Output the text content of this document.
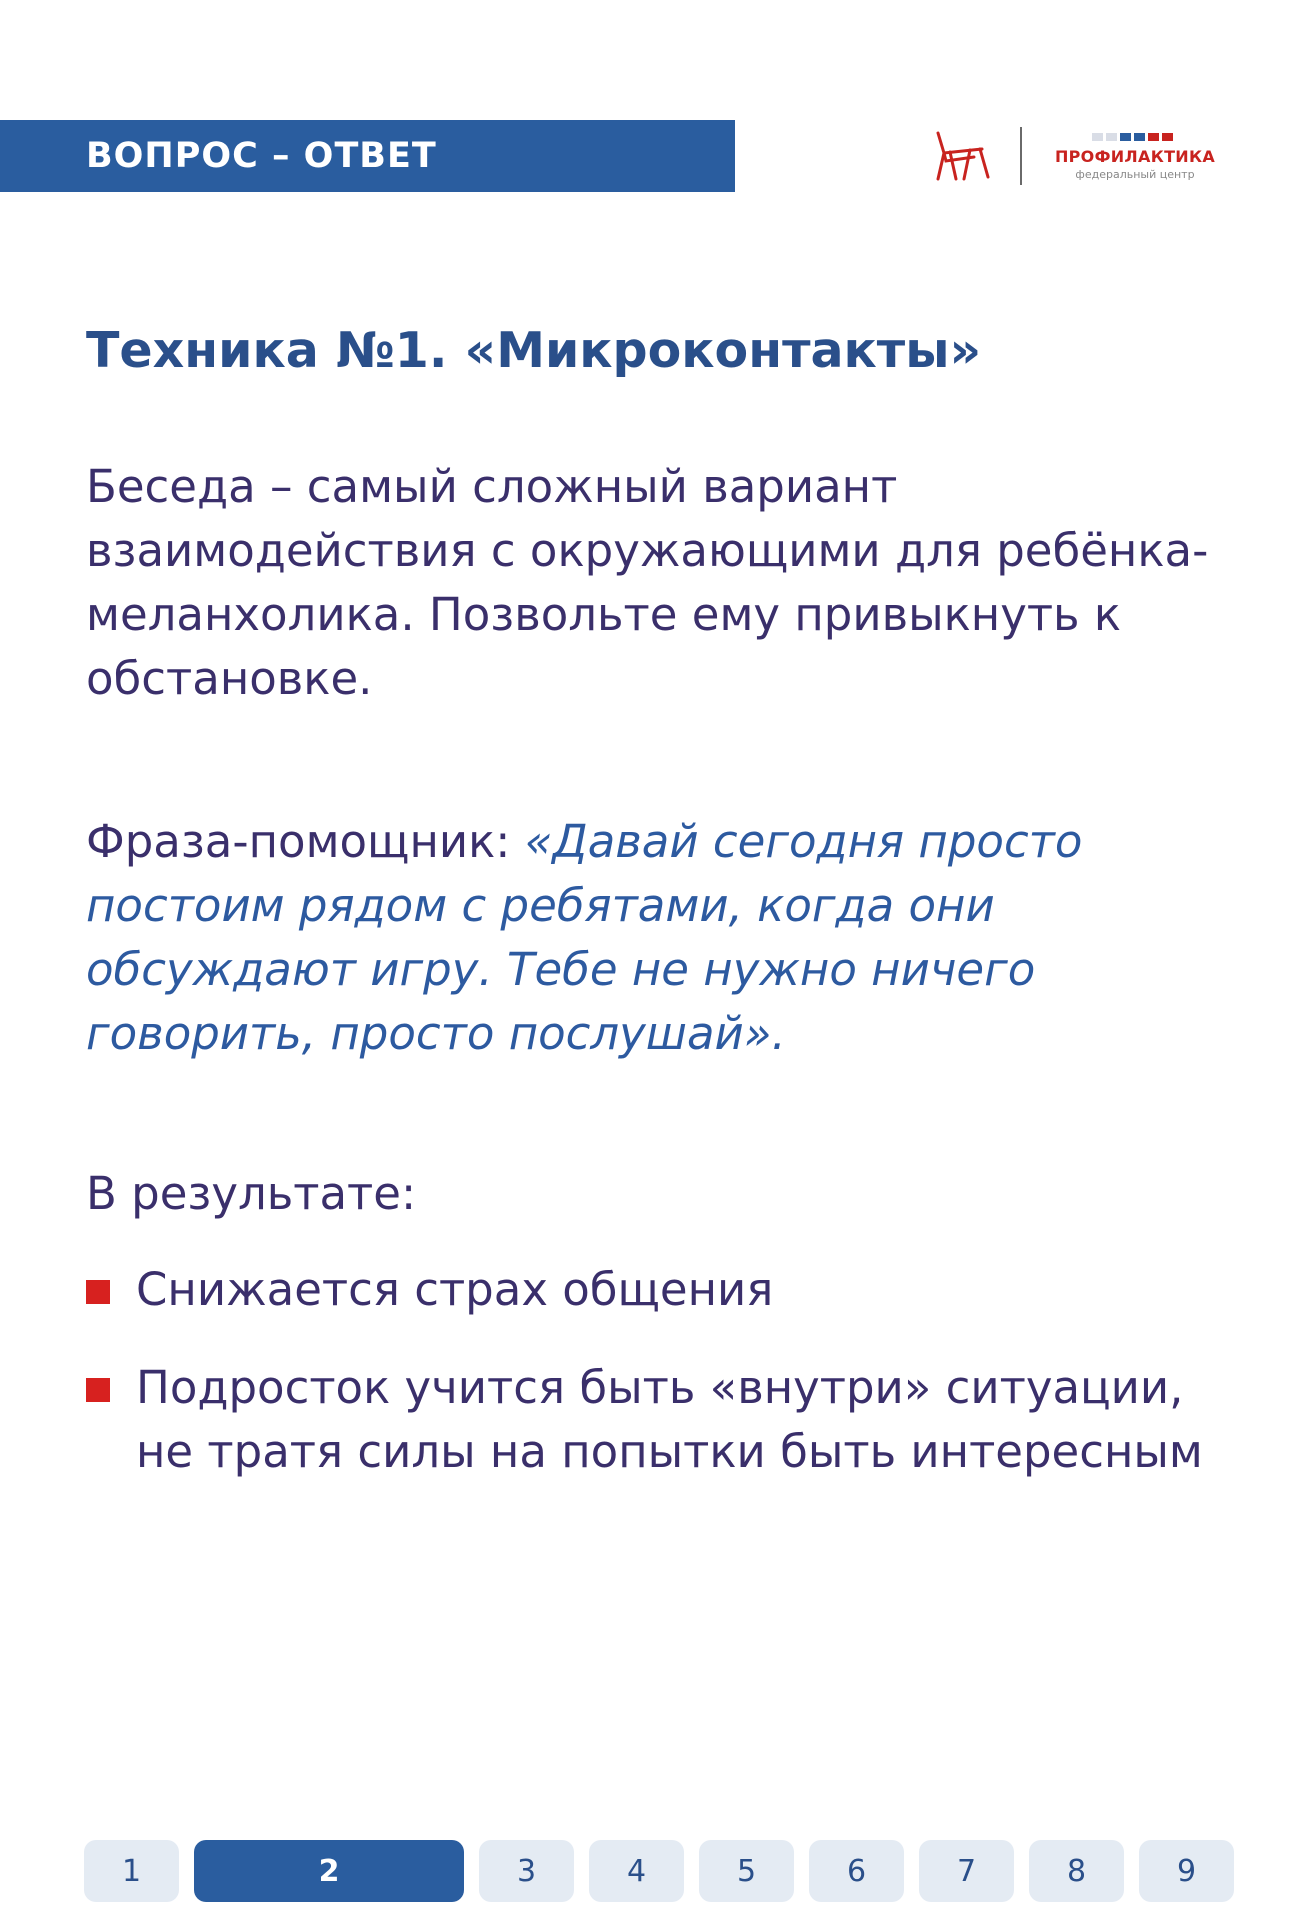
ВОПРОС – ОТВЕТ	ПРОФИЛАКТИКА
федеральный центр
Техника №1. «Микроконтакты»

Беседа – самый сложный вариант взаимодействия с окружающими для ребёнка-меланхолика. Позвольте ему привыкнуть к обстановке.

Фраза-помощник: «Давай сегодня просто постоим рядом с ребятами, когда они обсуждают игру. Тебе не нужно ничего говорить, просто послушай».

В результате:

Снижается страх общения
Подросток учится быть «внутри» ситуации, не тратя силы на попытки быть интересным
1	2	3	4	5	6	7	8	9
